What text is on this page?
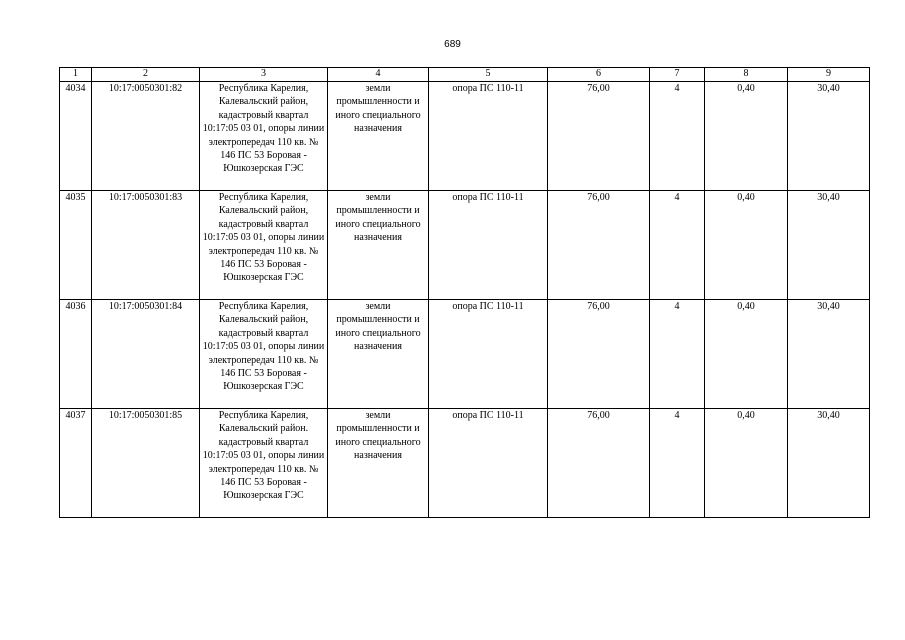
689
1	2	3	4	5	6	7	8	9
4034	10:17:0050301:82	Республика Карелия, Калевальский район, кадастровый квартал 10:17:05 03 01, опоры линии электропередач 110 кв. № 146 ПС 53 Боровая - Юшкозерская ГЭС	земли промышленности и иного специального назначения	опора ПС 110-11	76,00	4	0,40	30,40
4035	10:17:0050301:83	Республика Карелия, Калевальский район, кадастровый квартал 10:17:05 03 01, опоры линии электропередач 110 кв. № 146 ПС 53 Боровая - Юшкозерская ГЭС	земли промышленности и иного специального назначения	опора ПС 110-11	76,00	4	0,40	30,40
4036	10:17:0050301:84	Республика Карелия, Калевальский район, кадастровый квартал 10:17:05 03 01, опоры линии электропередач 110 кв. № 146 ПС 53 Боровая - Юшкозерская ГЭС	земли промышленности и иного специального назначения	опора ПС 110-11	76,00	4	0,40	30,40
4037	10:17:0050301:85	Республика Карелия, Калевальский район. кадастровый квартал 10:17:05 03 01, опоры линии электропередач 110 кв. № 146 ПС 53 Боровая - Юшкозерская ГЭС	земли промышленности и иного специального назначения	опора ПС 110-11	76,00	4	0,40	30,40
